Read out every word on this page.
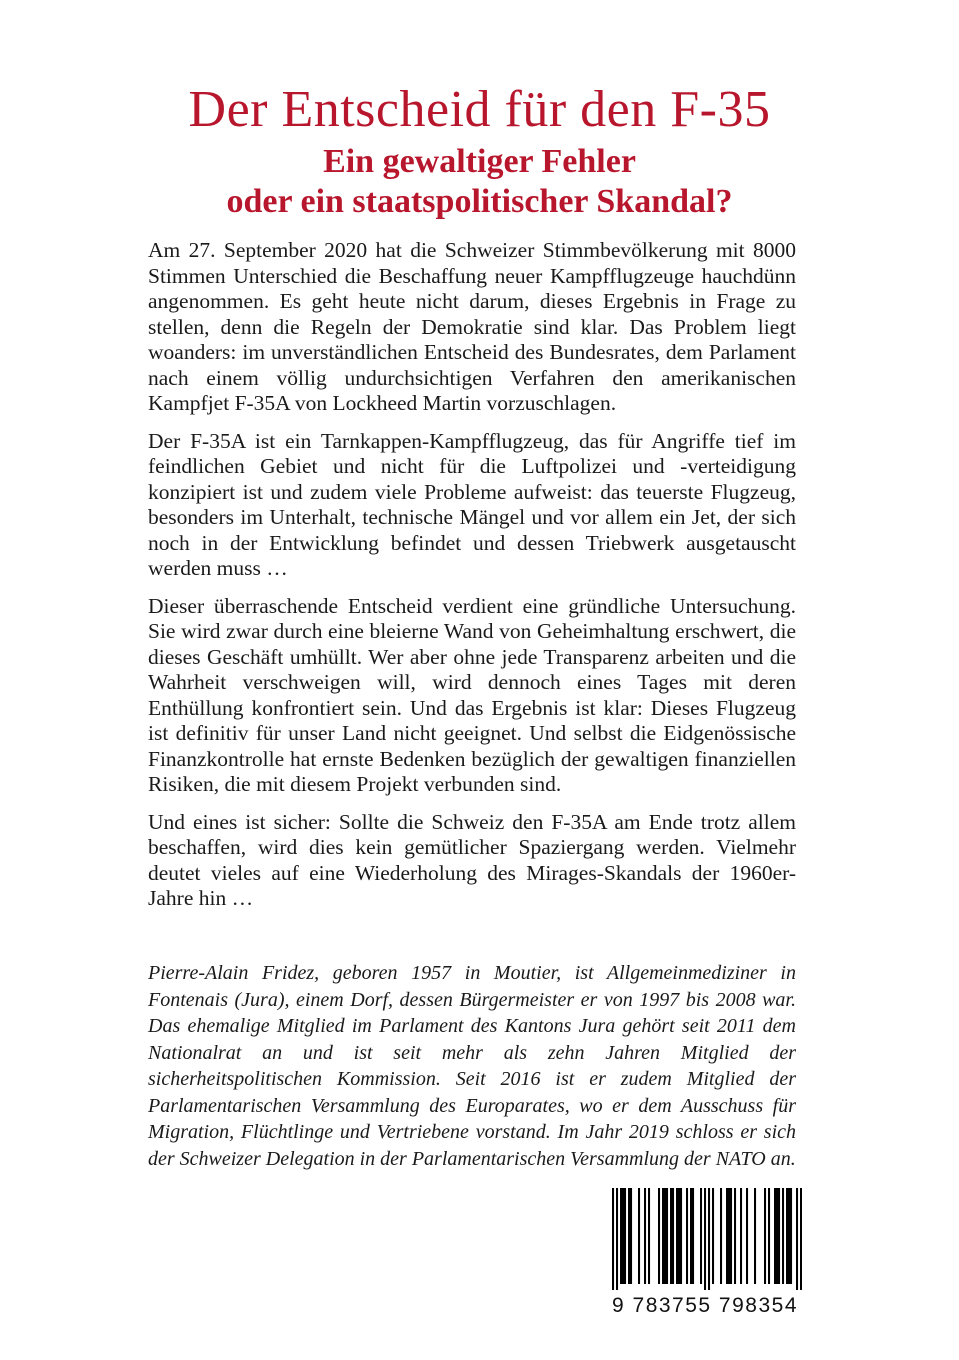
Der Entscheid für den F-35
Ein gewaltiger Fehler
oder ein staatspolitischer Skandal?

Am 27. September 2020 hat die Schweizer Stimmbevölkerung mit 8000 Stimmen Unterschied die Beschaffung neuer Kampfflugzeuge hauchdünn angenommen. Es geht heute nicht darum, dieses Ergebnis in Frage zu stellen, denn die Regeln der Demokratie sind klar. Das Problem liegt woanders: im unverständlichen Entscheid des Bundesrates, dem Parlament nach einem völlig undurchsichtigen Verfahren den amerikanischen Kampfjet F-35A von Lockheed Martin vorzuschlagen.

Der F-35A ist ein Tarnkappen-Kampfflugzeug, das für Angriffe tief im feindlichen Gebiet und nicht für die Luftpolizei und -verteidigung konzipiert ist und zudem viele Probleme aufweist: das teuerste Flugzeug, besonders im Unterhalt, technische Mängel und vor allem ein Jet, der sich noch in der Entwicklung befindet und dessen Triebwerk ausgetauscht werden muss …

Dieser überraschende Entscheid verdient eine gründliche Untersuchung. Sie wird zwar durch eine bleierne Wand von Geheimhaltung erschwert, die dieses Geschäft umhüllt. Wer aber ohne jede Transparenz arbeiten und die Wahrheit verschweigen will, wird dennoch eines Tages mit deren Enthüllung konfrontiert sein. Und das Ergebnis ist klar: Dieses Flugzeug ist definitiv für unser Land nicht geeignet. Und selbst die Eidgenössische Finanzkontrolle hat ernste Bedenken bezüglich der gewaltigen finanziellen Risiken, die mit diesem Projekt verbunden sind.

Und eines ist sicher: Sollte die Schweiz den F-35A am Ende trotz allem beschaffen, wird dies kein gemütlicher Spaziergang werden. Vielmehr deutet vieles auf eine Wiederholung des Mirages-Skandals der 1960er-Jahre hin …

Pierre-Alain Fridez, geboren 1957 in Moutier, ist Allgemeinmediziner in Fontenais (Jura), einem Dorf, dessen Bürgermeister er von 1997 bis 2008 war. Das ehemalige Mitglied im Parlament des Kantons Jura gehört seit 2011 dem Nationalrat an und ist seit mehr als zehn Jahren Mitglied der sicherheitspolitischen Kommission. Seit 2016 ist er zudem Mitglied der Parlamentarischen Versammlung des Europarates, wo er dem Ausschuss für Migration, Flüchtlinge und Vertriebene vorstand. Im Jahr 2019 schloss er sich der Schweizer Delegation in der Parlamentarischen Versammlung der NATO an.

9 783755 798354
